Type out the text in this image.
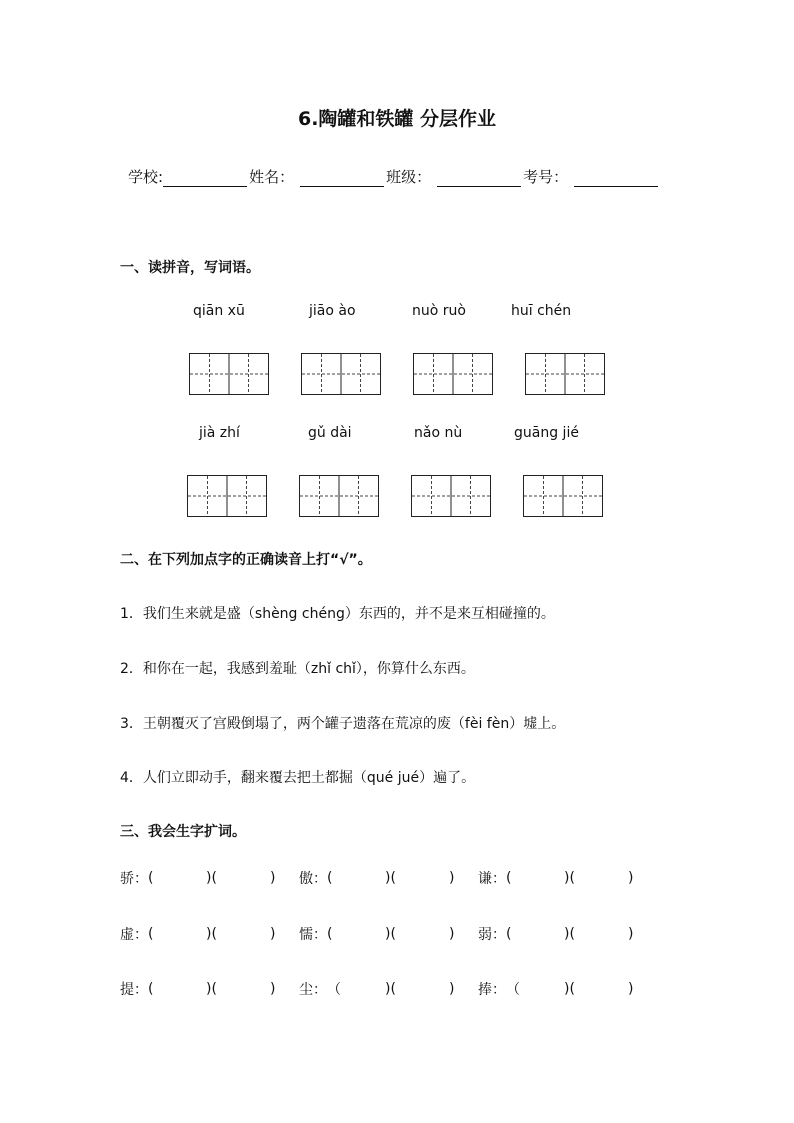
6.陶罐和铁罐 分层作业
学校:	姓名：	班级：	考号：
一、读拼音，写词语。
qiān xū	jiāo ào	nuò ruò	huī chén
jià zhí	gǔ dài	nǎo nù	guāng jié
二、在下列加点字的正确读音上打“√”。
1．我们生来就是盛（shèng chéng）东西的，并不是来互相碰撞的。
2．和你在一起，我感到羞耻（zhǐ chǐ），你算什么东西。
3．王朝覆灭了宫殿倒塌了，两个罐子遗落在荒凉的废（fèi fèn）墟上。
4．人们立即动手，翻来覆去把土都掘（qué jué）遍了。
三、我会生字扩词。
骄： (	)(	) 傲： (	)(	) 谦： (	)(	)
虚： (	)(	) 懦： (	)(	) 弱： (	)(	)
提： (	)(	) 尘： （	)(	) 捧： （	)(	)
